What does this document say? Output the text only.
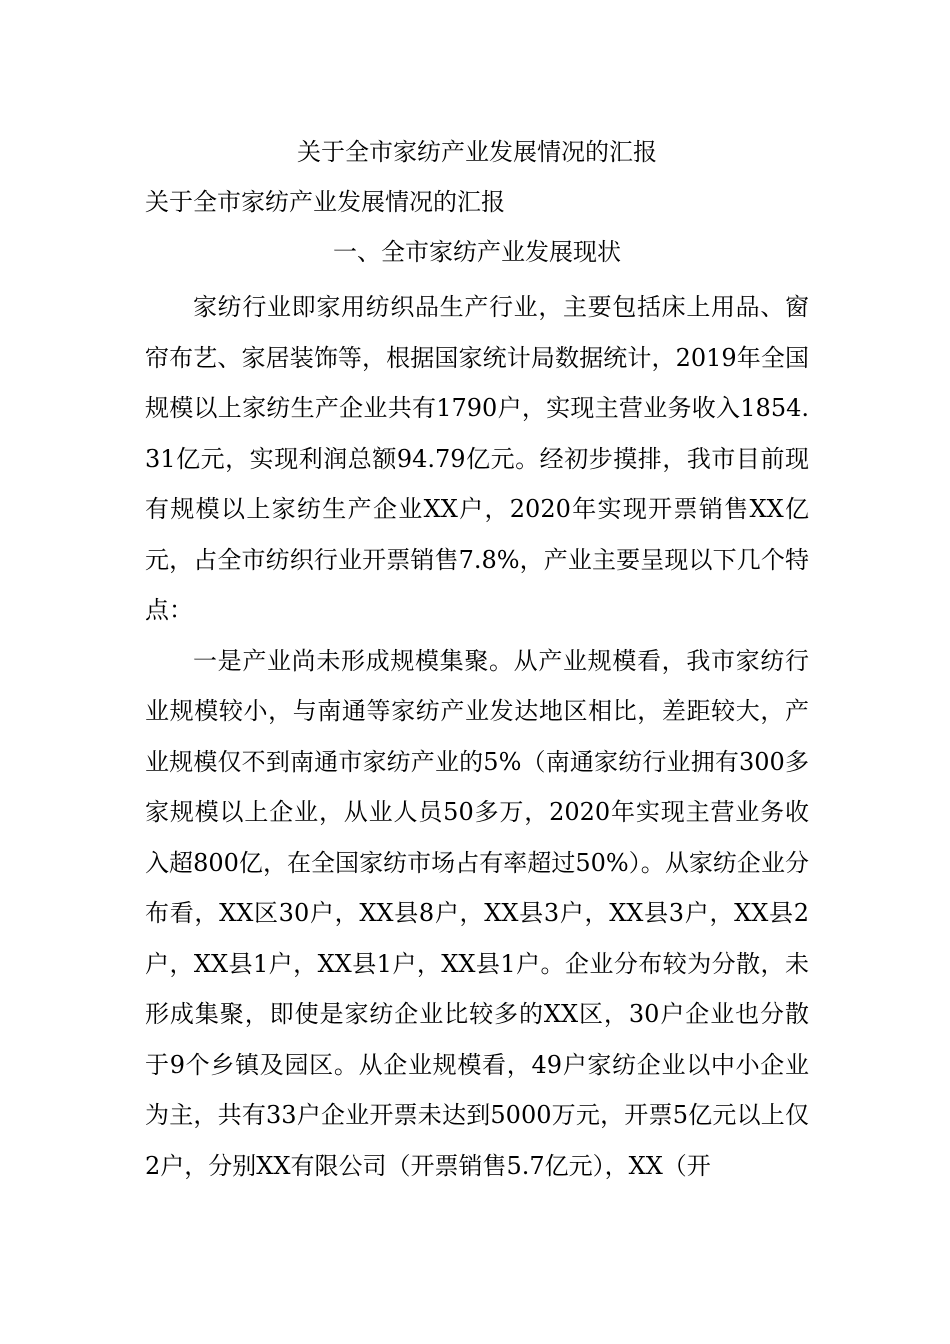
关于全市家纺产业发展情况的汇报
关于全市家纺产业发展情况的汇报
一、全市家纺产业发展现状

家纺行业即家用纺织品生产行业，主要包括床上用品、窗帘布艺、家居装饰等，根据国家统计局数据统计，2019年全国规模以上家纺生产企业共有1790户，实现主营业务收入1854.31亿元，实现利润总额94.79亿元。经初步摸排，我市目前现有规模以上家纺生产企业XX户，2020年实现开票销售XX亿元，占全市纺织行业开票销售7.8%，产业主要呈现以下几个特点：

一是产业尚未形成规模集聚。从产业规模看，我市家纺行业规模较小，与南通等家纺产业发达地区相比，差距较大，产业规模仅不到南通市家纺产业的5%（南通家纺行业拥有300多家规模以上企业，从业人员50多万，2020年实现主营业务收入超800亿，在全国家纺市场占有率超过50%）。从家纺企业分布看，XX区30户，XX县8户，XX县3户，XX县3户，XX县2户，XX县1户，XX县1户，XX县1户。企业分布较为分散，未形成集聚，即使是家纺企业比较多的XX区，30户企业也分散于9个乡镇及园区。从企业规模看，49户家纺企业以中小企业为主，共有33户企业开票未达到5000万元，开票5亿元以上仅2户，分别XX有限公司（开票销售5.7亿元），XX（开
